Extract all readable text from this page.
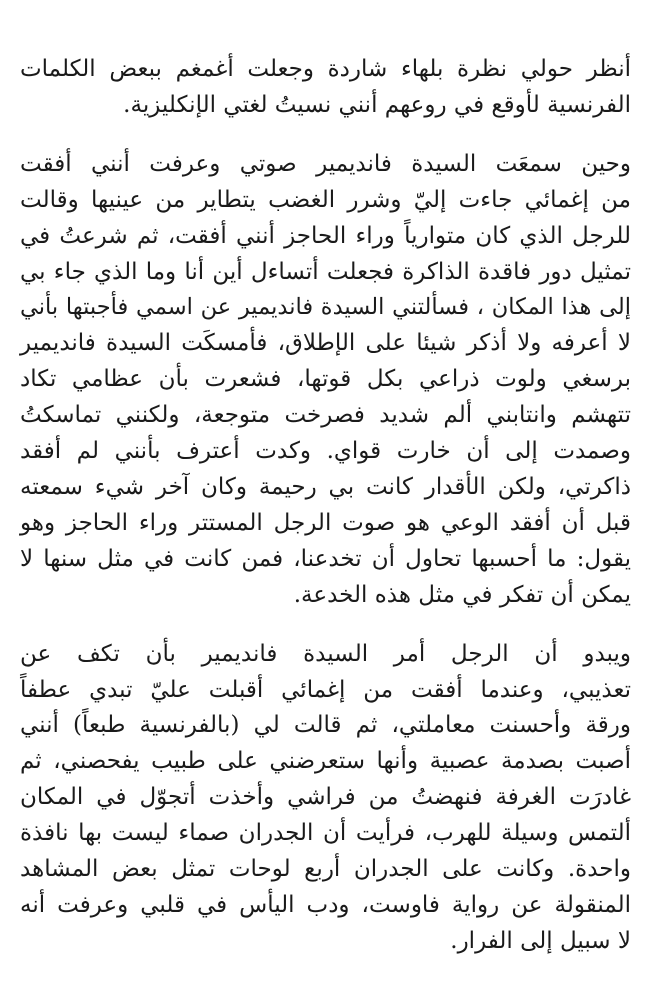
أنظر حولي نظرة بلهاء شاردة وجعلت أغمغم ببعض الكلمات
الفرنسية لأوقع في روعهم أنني نسيتُ لغتي الإنكليزية.

وحين سمعَت السيدة فانديمير صوتي وعرفت أنني أفقت
من إغمائي جاءت إليّ وشرر الغضب يتطاير من عينيها وقالت
للرجل الذي كان متوارياً وراء الحاجز أنني أفقت، ثم شرعتُ في
تمثيل دور فاقدة الذاكرة فجعلت أتساءل أين أنا وما الذي جاء بي
إلى هذا المكان ، فسألتني السيدة فانديمير عن اسمي فأجبتها بأني
لا أعرفه ولا أذكر شيئا على الإطلاق، فأمسكَت السيدة فانديمير
برسغي ولوت ذراعي بكل قوتها، فشعرت بأن عظامي تكاد
تتهشم وانتابني ألم شديد فصرخت متوجعة، ولكنني تماسكتُ
وصمدت إلى أن خارت قواي. وكدت أعترف بأنني لم أفقد
ذاكرتي، ولكن الأقدار كانت بي رحيمة وكان آخر شيء سمعته
قبل أن أفقد الوعي هو صوت الرجل المستتر وراء الحاجز وهو
يقول: ما أحسبها تحاول أن تخدعنا، فمن كانت في مثل سنها لا
يمكن أن تفكر في مثل هذه الخدعة.

ويبدو أن الرجل أمر السيدة فانديمير بأن تكف عن
تعذيبي، وعندما أفقت من إغمائي أقبلت عليّ تبدي عطفاً
ورقة وأحسنت معاملتي، ثم قالت لي (بالفرنسية طبعاً) أنني
أصبت بصدمة عصبية وأنها ستعرضني على طبيب يفحصني، ثم
غادرَت الغرفة فنهضتُ من فراشي وأخذت أتجوّل في المكان
ألتمس وسيلة للهرب، فرأيت أن الجدران صماء ليست بها نافذة
واحدة. وكانت على الجدران أربع لوحات تمثل بعض المشاهد
المنقولة عن رواية فاوست، ودب اليأس في قلبي وعرفت أنه
لا سبيل إلى الفرار.
